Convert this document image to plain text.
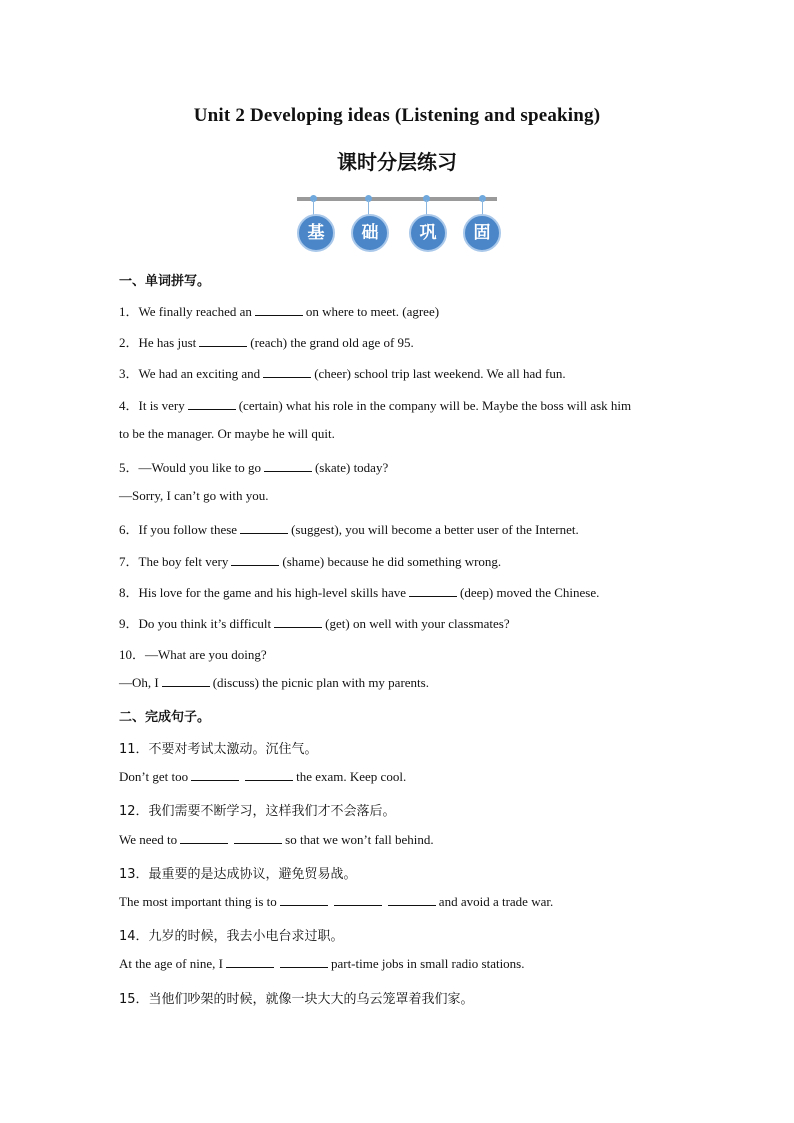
Unit 2 Developing ideas (Listening and speaking)
课时分层练习
基	础	巩	固
一、单词拼写。
1．We finally reached an	on where to meet. (agree)
2．He has just	(reach) the grand old age of 95.
3．We had an exciting and	(cheer) school trip last weekend. We all had fun.
4．It is very	(certain) what his role in the company will be. Maybe the boss will ask him
to be the manager. Or maybe he will quit.
5．—Would you like to go	(skate) today?
—Sorry, I can’t go with you.
6．If you follow these	(suggest), you will become a better user of the Internet.
7．The boy felt very	(shame) because he did something wrong.
8．His love for the game and his high-level skills have	(deep) moved the Chinese.
9．Do you think it’s difficult	(get) on well with your classmates?
10．—What are you doing?
—Oh, I	(discuss) the picnic plan with my parents.
二、完成句子。
11．不要对考试太激动。沉住气。
Don’t get too	the exam. Keep cool.
12．我们需要不断学习，这样我们才不会落后。
We need to	so that we won’t fall behind.
13．最重要的是达成协议，避免贸易战。
The most important thing is to	and avoid a trade war.
14．九岁的时候，我去小电台求过职。
At the age of nine, I	part-time jobs in small radio stations.
15．当他们吵架的时候，就像一块大大的乌云笼罩着我们家。
